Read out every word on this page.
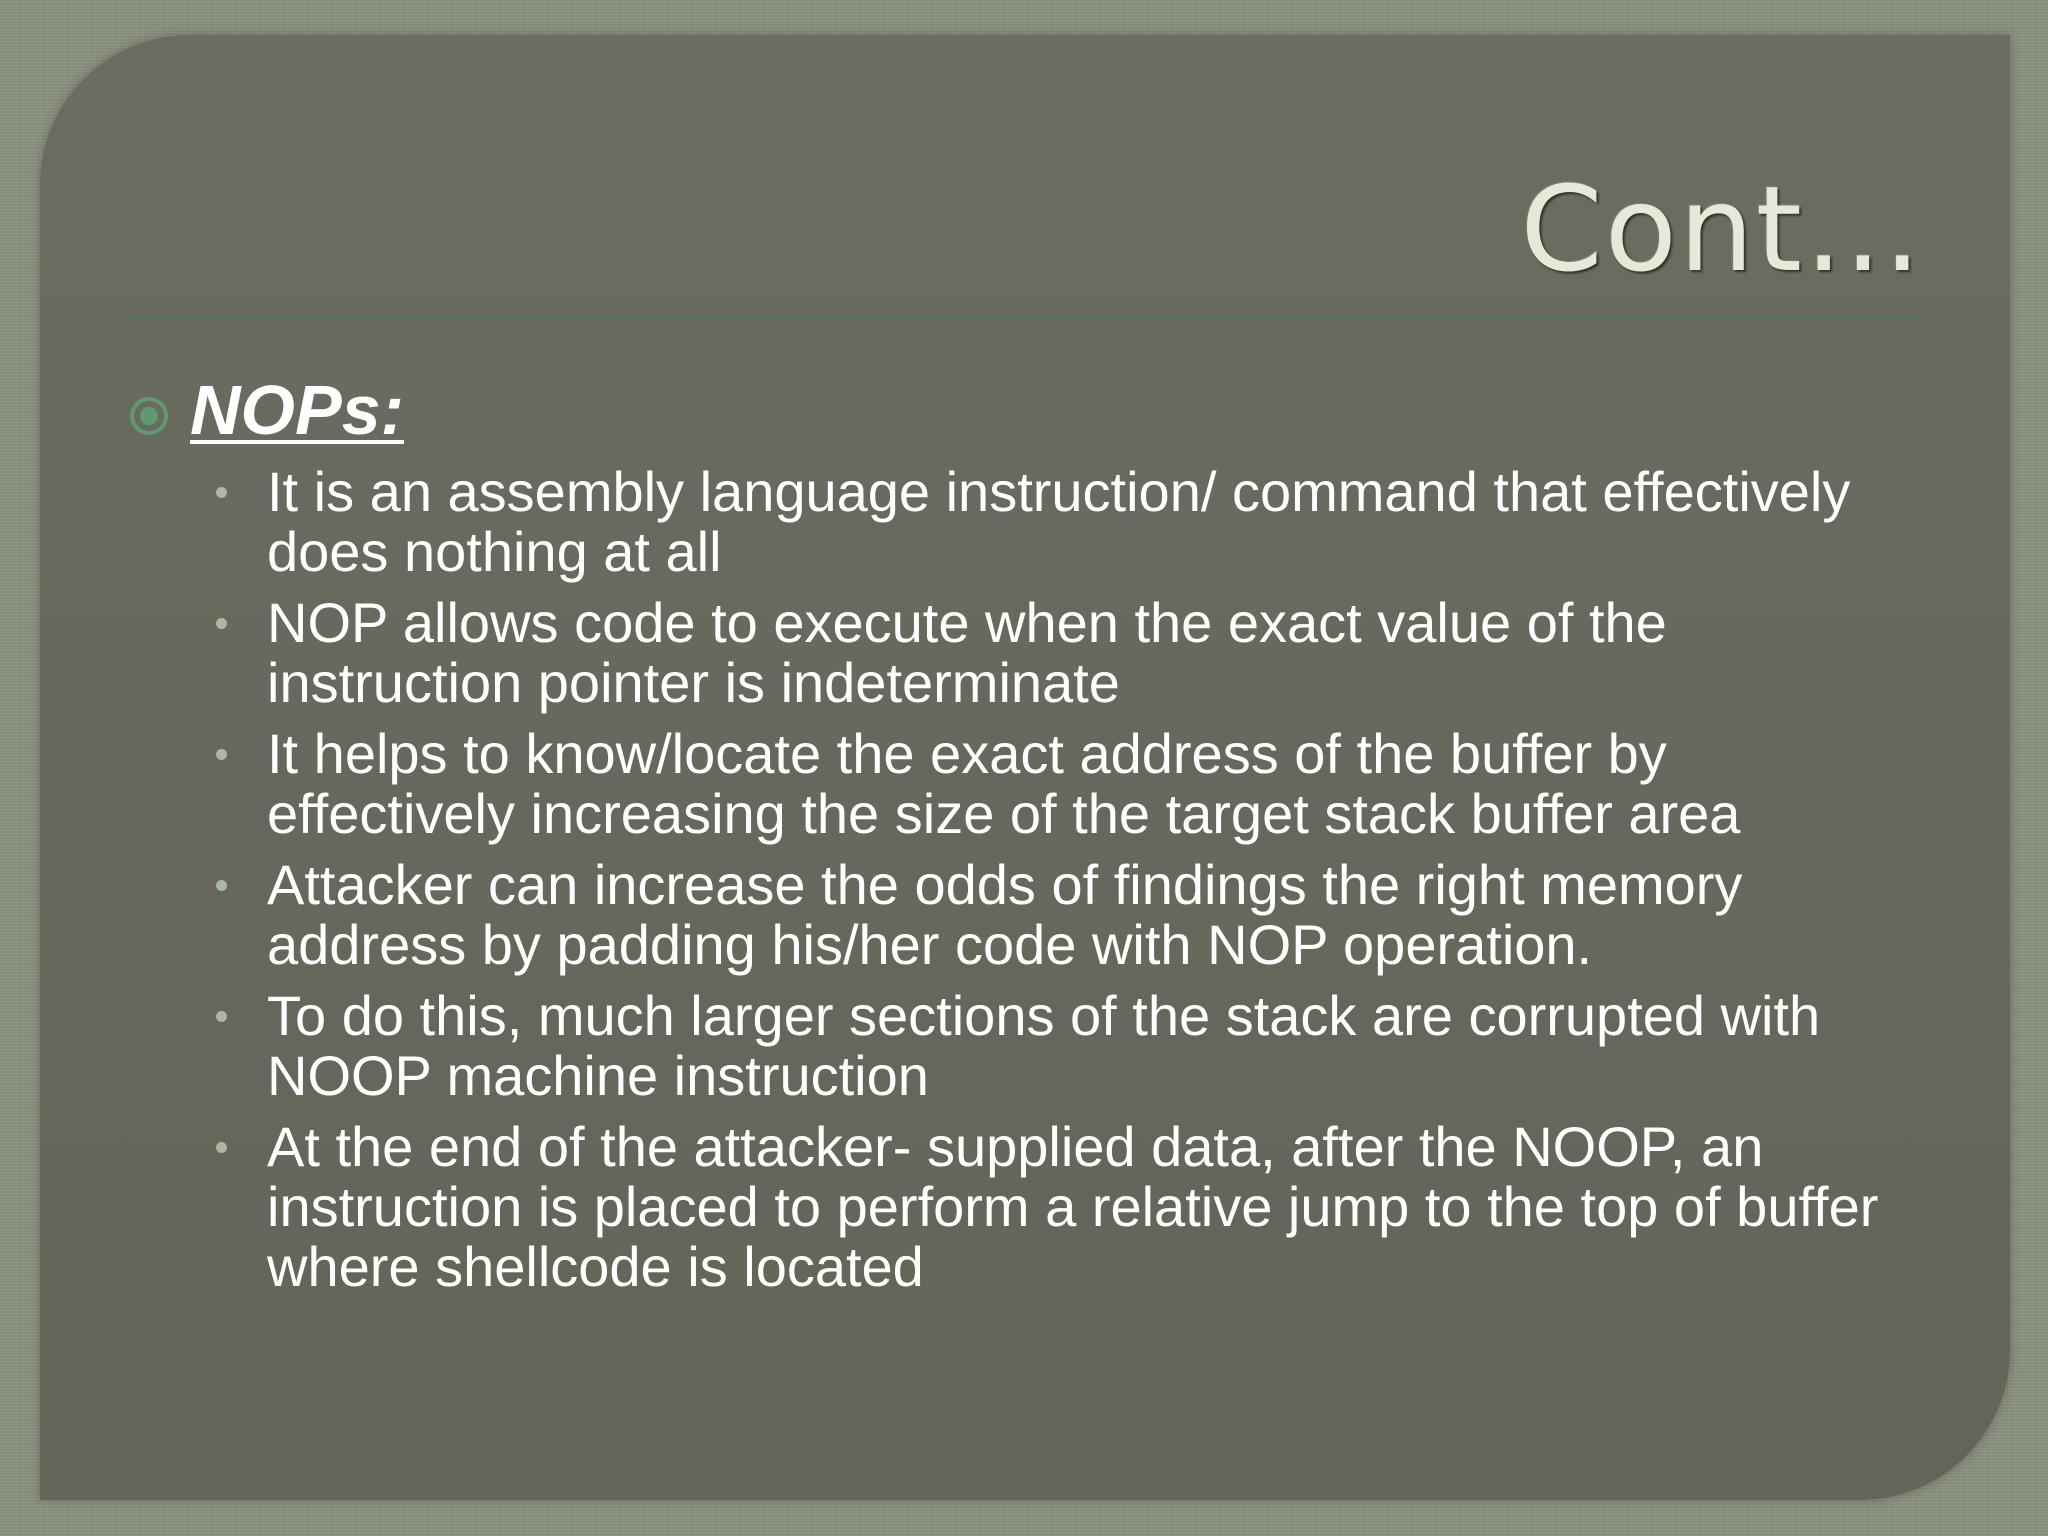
Cont…
NOPs:
It is an assembly language instruction/ command that effectively does nothing at all
NOP allows code to execute when the exact value of the instruction pointer is indeterminate
It helps to know/locate the exact address of the buffer by effectively increasing the size of the target stack buffer area
Attacker can increase the odds of findings the right memory address by padding his/her code with NOP operation.
To do this, much larger sections of the stack are corrupted with NOOP machine instruction
At the end of the attacker- supplied data, after the NOOP, an instruction is placed to perform a relative jump to the top of buffer where shellcode is located
